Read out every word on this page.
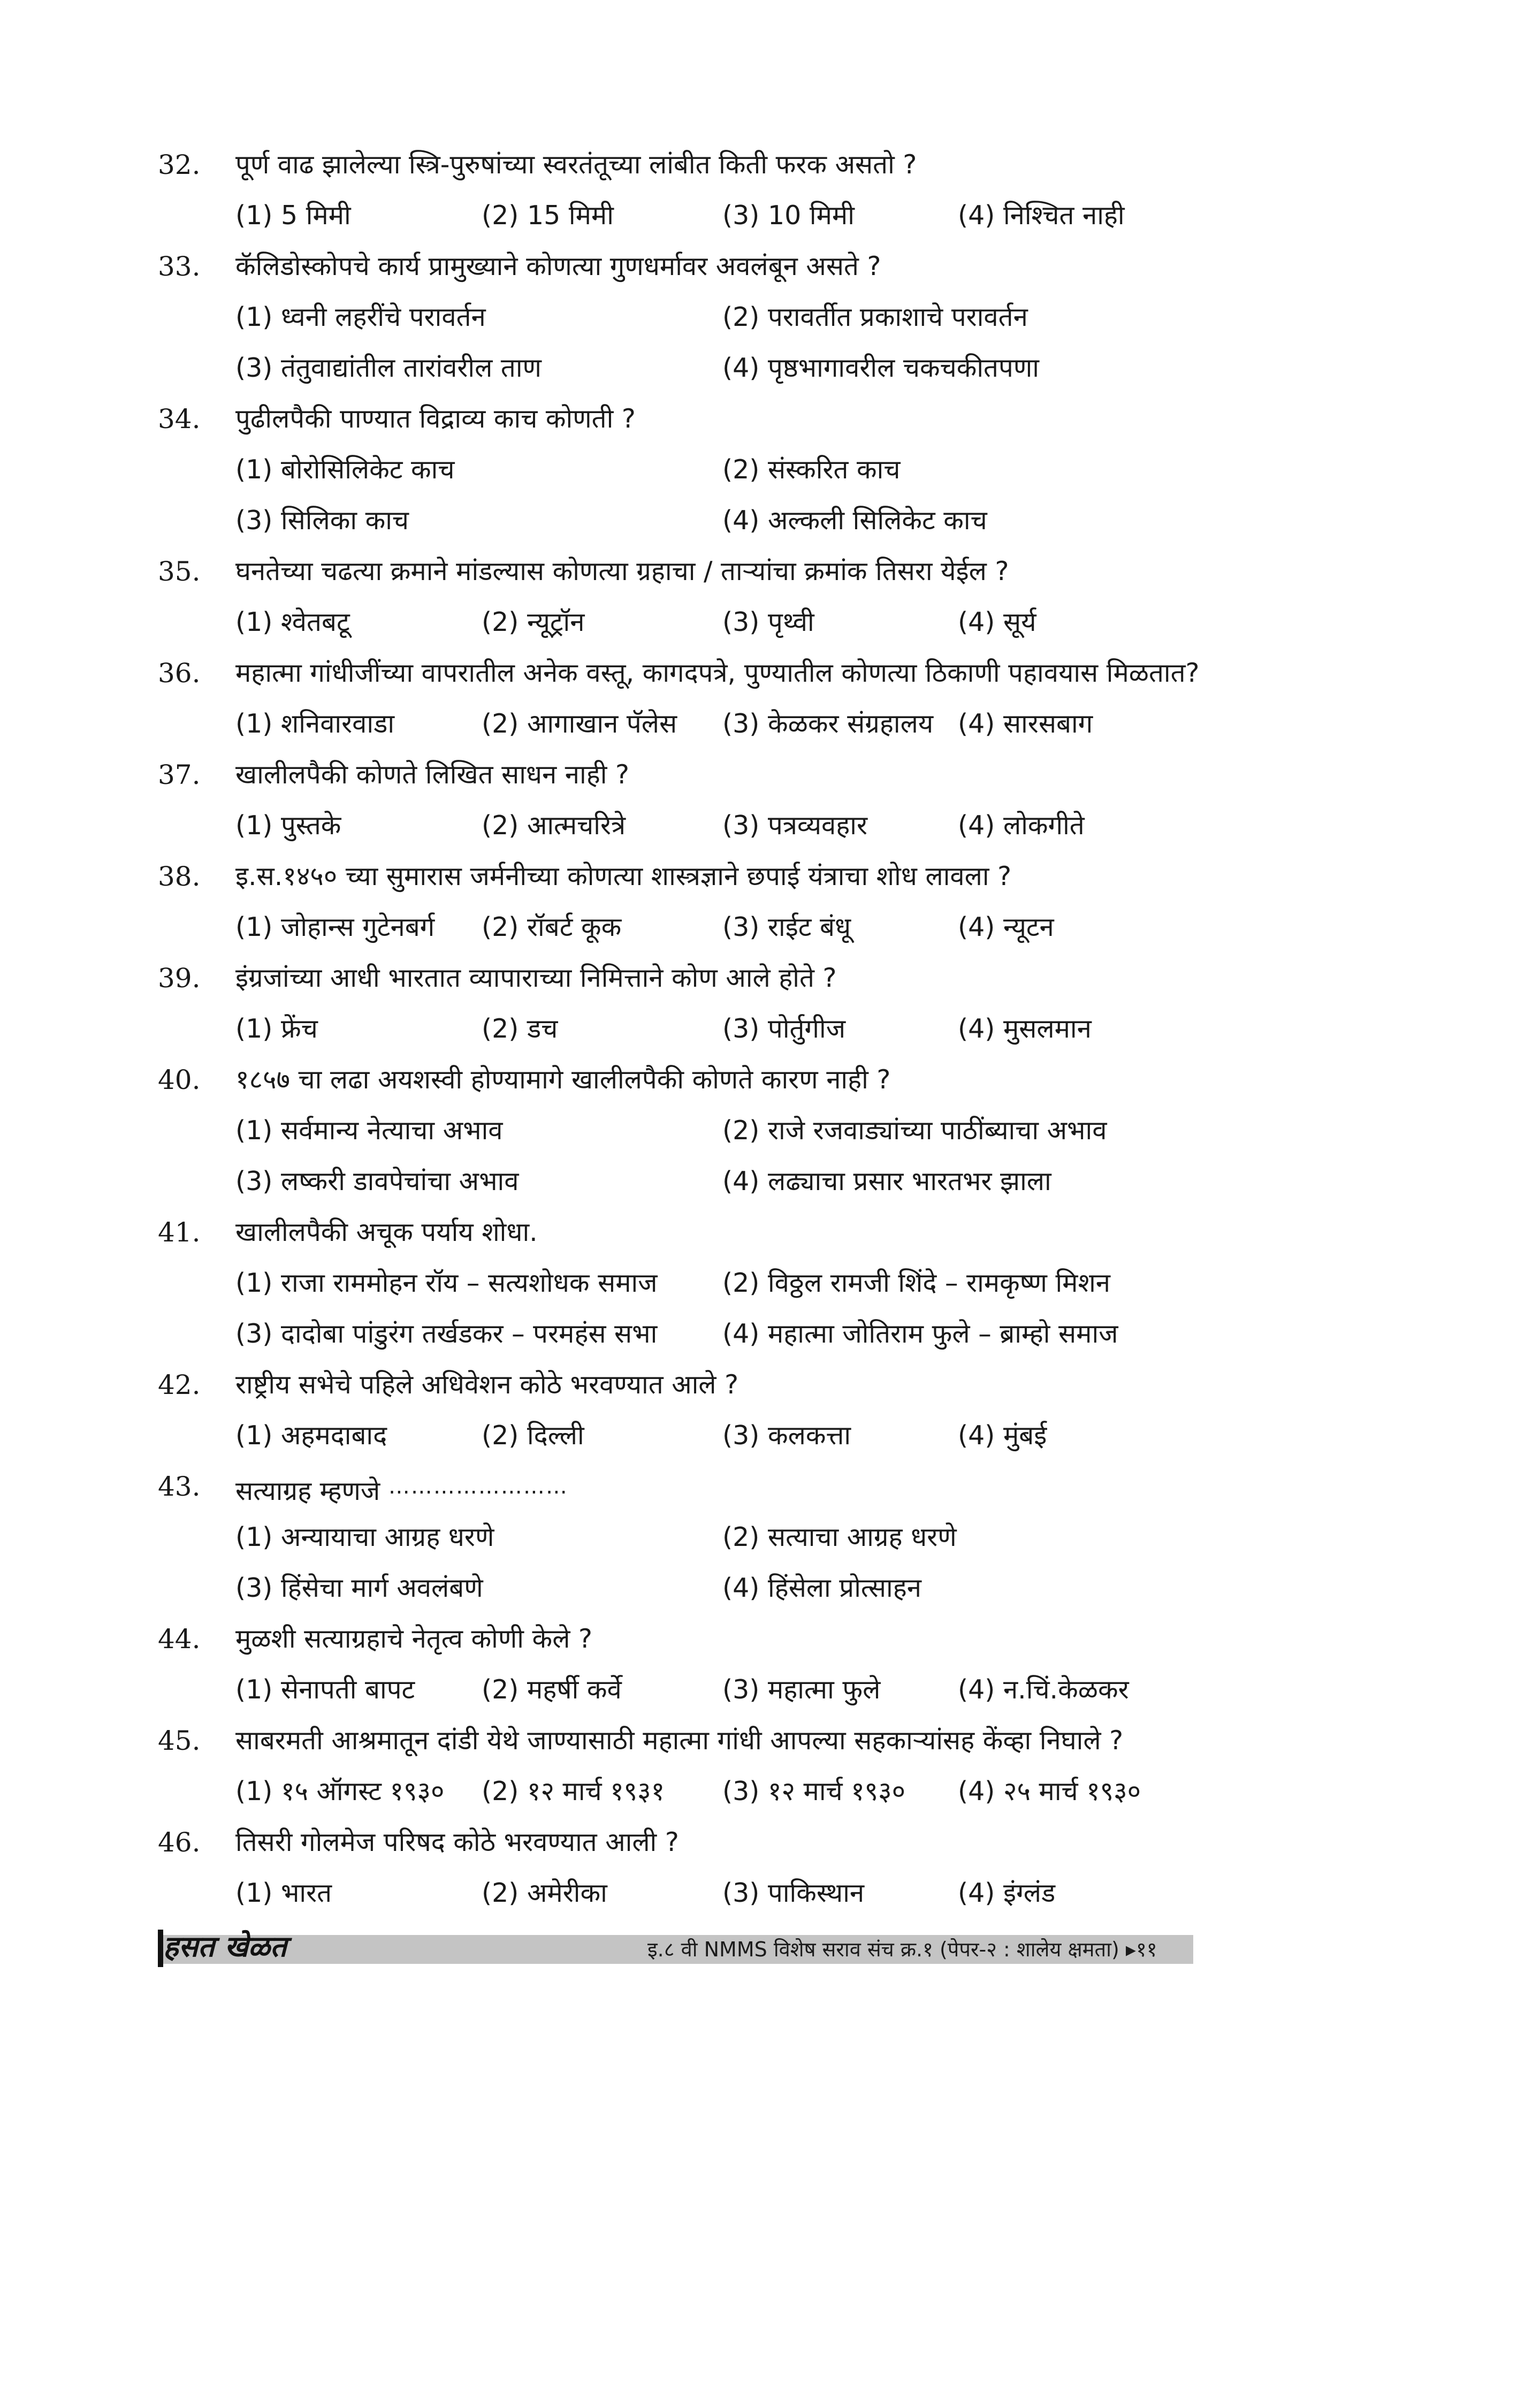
32. पूर्ण वाढ झालेल्या स्त्रि-पुरुषांच्या स्वरतंतूच्या लांबीत किती फरक असतो ?
(1) 5 मिमी	(2) 15 मिमी	(3) 10 मिमी	(4) निश्चित नाही
33. कॅलिडोस्कोपचे कार्य प्रामुख्याने कोणत्या गुणधर्मावर अवलंबून असते ?
(1) ध्वनी लहरींचे परावर्तन	(2) परावर्तीत प्रकाशाचे परावर्तन
(3) तंतुवाद्यांतील तारांवरील ताण	(4) पृष्ठभागावरील चकचकीतपणा
34. पुढीलपैकी पाण्यात विद्राव्य काच कोणती ?
(1) बोरोसिलिकेट काच	(2) संस्करित काच
(3) सिलिका काच	(4) अल्कली सिलिकेट काच
35. घनतेच्या चढत्या क्रमाने मांडल्यास कोणत्या ग्रहाचा / ताऱ्यांचा क्रमांक तिसरा येईल ?
(1) श्वेतबटू	(2) न्यूट्रॉन	(3) पृथ्वी	(4) सूर्य
36. महात्मा गांधीजींच्या वापरातील अनेक वस्तू, कागदपत्रे, पुण्यातील कोणत्या ठिकाणी पहावयास मिळतात?
(1) शनिवारवाडा	(2) आगाखान पॅलेस (3) केळकर संग्रहालय (4) सारसबाग
37. खालीलपैकी कोणते लिखित साधन नाही ?
(1) पुस्तके	(2) आत्मचरित्रे	(3) पत्रव्यवहार	(4) लोकगीते
38. इ.स.१४५० च्या सुमारास जर्मनीच्या कोणत्या शास्त्रज्ञाने छपाई यंत्राचा शोध लावला ?
(1) जोहान्स गुटेनबर्ग (2) रॉबर्ट कूक	(3) राईट बंधू	(4) न्यूटन
39. इंग्रजांच्या आधी भारतात व्यापाराच्या निमित्ताने कोण आले होते ?
(1) फ्रेंच	(2) डच	(3) पोर्तुगीज	(4) मुसलमान
40. १८५७ चा लढा अयशस्वी होण्यामागे खालीलपैकी कोणते कारण नाही ?
(1) सर्वमान्य नेत्याचा अभाव	(2) राजे रजवाड्यांच्या पाठींब्याचा अभाव
(3) लष्करी डावपेचांचा अभाव	(4) लढ्याचा प्रसार भारतभर झाला
41. खालीलपैकी अचूक पर्याय शोधा.
(1) राजा राममोहन रॉय – सत्यशोधक समाज (2) विठ्ठल रामजी शिंदे – रामकृष्ण मिशन
(3) दादोबा पांडुरंग तर्खडकर – परमहंस सभा (4) महात्मा जोतिराम फुले – ब्राम्हो समाज
42. राष्ट्रीय सभेचे पहिले अधिवेशन कोठे भरवण्यात आले ?
(1) अहमदाबाद	(2) दिल्ली	(3) कलकत्ता	(4) मुंबई
43. सत्याग्रह म्हणजे ……………………
(1) अन्यायाचा आग्रह धरणे	(2) सत्याचा आग्रह धरणे
(3) हिंसेचा मार्ग अवलंबणे	(4) हिंसेला प्रोत्साहन
44. मुळशी सत्याग्रहाचे नेतृत्व कोणी केले ?
(1) सेनापती बापट	(2) महर्षी कर्वे	(3) महात्मा फुले	(4) न.चिं.केळकर
45. साबरमती आश्रमातून दांडी येथे जाण्यासाठी महात्मा गांधी आपल्या सहकाऱ्यांसह केंव्हा निघाले ?
(1) १५ ऑगस्ट १९३० (2) १२ मार्च १९३१ (3) १२ मार्च १९३० (4) २५ मार्च १९३०
46. तिसरी गोलमेज परिषद कोठे भरवण्यात आली ?
(1) भारत	(2) अमेरीका	(3) पाकिस्थान	(4) इंग्लंड
हसत खेळत	इ.८ वी NMMS विशेष सराव संच क्र.१ (पेपर-२ : शालेय क्षमता) ▸११
